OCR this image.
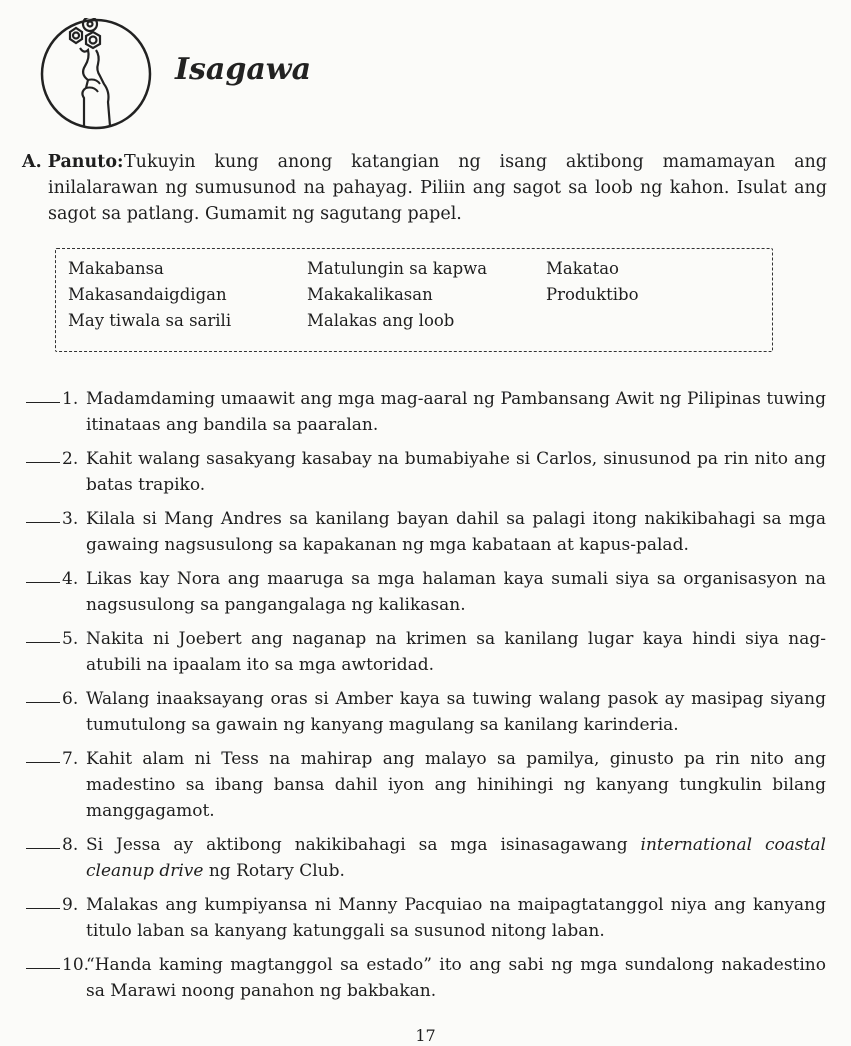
Isagawa
A. Panuto: Tukuyin kung anong katangian ng isang aktibong mamamayan ang inilalarawan ng sumusunod na pahayag. Piliin ang sagot sa loob ng kahon. Isulat ang sagot sa patlang. Gumamit ng sagutang papel.
Makabansa	Matulungin sa kapwa	Makatao
Makasandaigdigan	Makakalikasan	Produktibo
May tiwala sa sarili	Malakas ang loob
1. Madamdaming umaawit ang mga mag-aaral ng Pambansang Awit ng Pilipinas tuwing itinataas ang bandila sa paaralan.
2. Kahit walang sasakyang kasabay na bumabiyahe si Carlos, sinusunod pa rin nito ang batas trapiko.
3. Kilala si Mang Andres sa kanilang bayan dahil sa palagi itong nakikibahagi sa mga gawaing nagsusulong sa kapakanan ng mga kabataan at kapus-palad.
4. Likas kay Nora ang maaruga sa mga halaman kaya sumali siya sa organisasyon na nagsusulong sa pangangalaga ng kalikasan.
5. Nakita ni Joebert ang naganap na krimen sa kanilang lugar kaya hindi siya nag-atubili na ipaalam ito sa mga awtoridad.
6. Walang inaaksayang oras si Amber kaya sa tuwing walang pasok ay masipag siyang tumutulong sa gawain ng kanyang magulang sa kanilang karinderia.
7. Kahit alam ni Tess na mahirap ang malayo sa pamilya, ginusto pa rin nito ang madestino sa ibang bansa dahil iyon ang hinihingi ng kanyang tungkulin bilang manggagamot.
8. Si Jessa ay aktibong nakikibahagi sa mga isinasagawang international coastal cleanup drive ng Rotary Club.
9. Malakas ang kumpiyansa ni Manny Pacquiao na maipagtatanggol niya ang kanyang titulo laban sa kanyang katunggali sa susunod nitong laban.
10.
“Handa kaming magtanggol sa estado” ito ang sabi ng mga sundalong nakadestino sa Marawi noong panahon ng bakbakan.
17
